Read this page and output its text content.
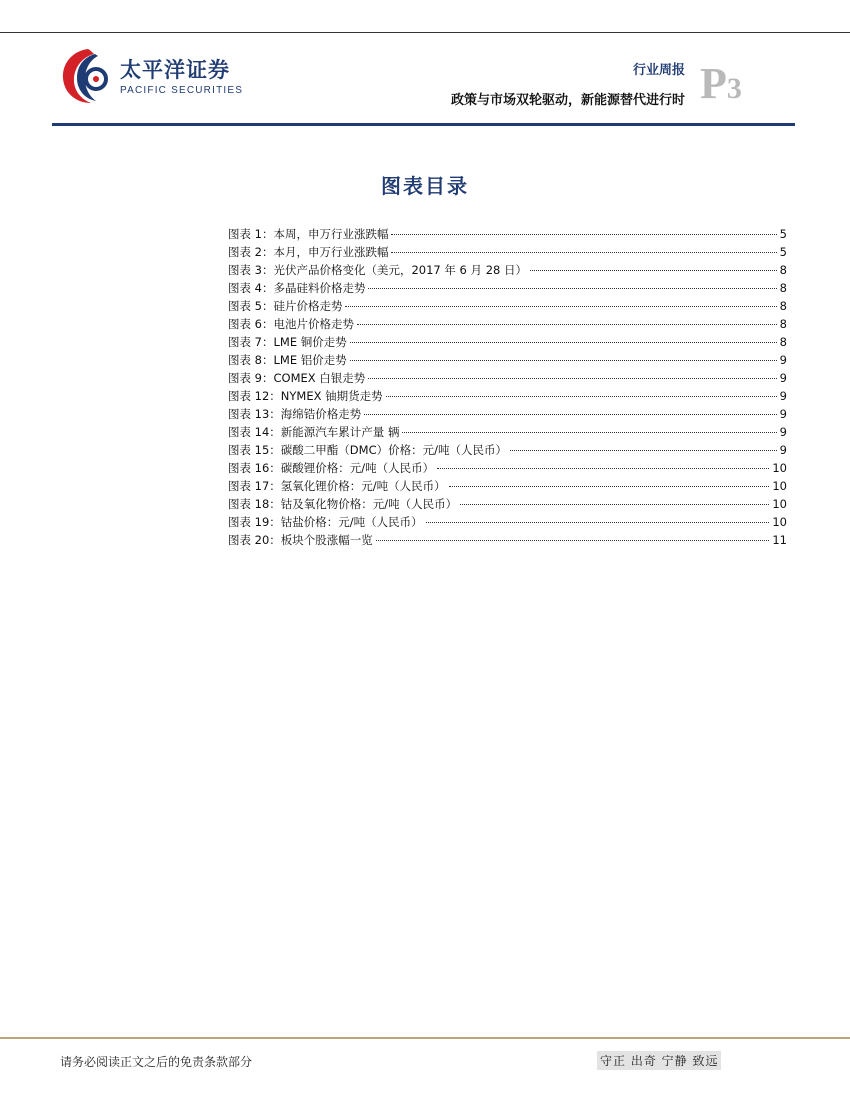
太平洋证券
PACIFIC SECURITIES
行业周报
政策与市场双轮驱动，新能源替代进行时 P3
图表目录
图表 1： 本周，申万行业涨跌幅	5
图表 2： 本月，申万行业涨跌幅	5
图表 3： 光伏产品价格变化（美元，2017 年 6 月 28 日）	8
图表 4： 多晶硅料价格走势	8
图表 5： 硅片价格走势	8
图表 6： 电池片价格走势	8
图表 7： LME 铜价走势	8
图表 8： LME 铝价走势	9
图表 9： COMEX 白银走势	9
图表 12： NYMEX 铀期货走势	9
图表 13： 海绵锆价格走势	9
图表 14： 新能源汽车累计产量 辆	9
图表 15： 碳酸二甲酯（DMC）价格：元/吨（人民币）	9
图表 16： 碳酸锂价格：元/吨（人民币）	10
图表 17： 氢氧化锂价格：元/吨（人民币）	10
图表 18： 钴及氧化物价格：元/吨（人民币）	10
图表 19： 钴盐价格：元/吨（人民币）	10
图表 20： 板块个股涨幅一览	11
请务必阅读正文之后的免责条款部分	守正 出奇 宁静 致远
